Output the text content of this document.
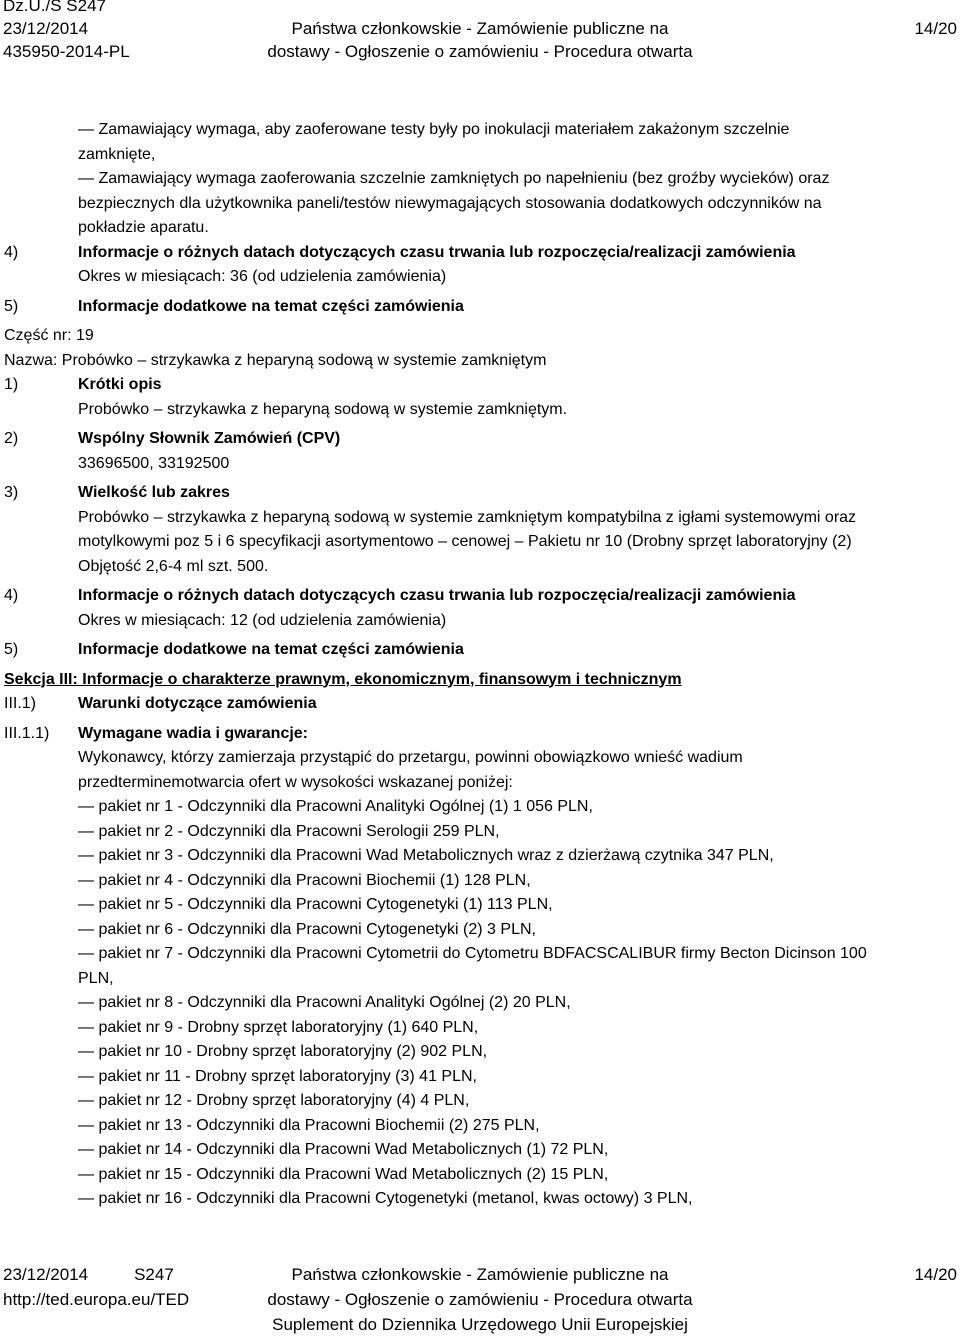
Dz.U./S S247
23/12/2014
435950-2014-PL
Państwa członkowskie - Zamówienie publiczne na
dostawy - Ogłoszenie o zamówieniu - Procedura otwarta
14/20
— Zamawiający wymaga, aby zaoferowane testy były po inokulacji materiałem zakażonym szczelnie
zamknięte,
— Zamawiający wymaga zaoferowania szczelnie zamkniętych po napełnieniu (bez groźby wycieków) oraz
bezpiecznych dla użytkownika paneli/testów niewymagających stosowania dodatkowych odczynników na
pokładzie aparatu.
4)	Informacje o różnych datach dotyczących czasu trwania lub rozpoczęcia/realizacji zamówienia
Okres w miesiącach: 36 (od udzielenia zamówienia)
5)	Informacje dodatkowe na temat części zamówienia
Część nr: 19
Nazwa: Probówko – strzykawka z heparyną sodową w systemie zamkniętym
1)	Krótki opis
Probówko – strzykawka z heparyną sodową w systemie zamkniętym.
2)	Wspólny Słownik Zamówień (CPV)
33696500, 33192500
3)	Wielkość lub zakres
Probówko – strzykawka z heparyną sodową w systemie zamkniętym kompatybilna z igłami systemowymi oraz
motylkowymi poz 5 i 6 specyfikacji asortymentowo – cenowej – Pakietu nr 10 (Drobny sprzęt laboratoryjny (2)
Objętość 2,6-4 ml szt. 500.
4)	Informacje o różnych datach dotyczących czasu trwania lub rozpoczęcia/realizacji zamówienia
Okres w miesiącach: 12 (od udzielenia zamówienia)
5)	Informacje dodatkowe na temat części zamówienia
Sekcja III: Informacje o charakterze prawnym, ekonomicznym, finansowym i technicznym
III.1)	Warunki dotyczące zamówienia
III.1.1)	Wymagane wadia i gwarancje:
Wykonawcy, którzy zamierzaja przystąpić do przetargu, powinni obowiązkowo wnieść wadium
przedterminemotwarcia ofert w wysokości wskazanej poniżej:
— pakiet nr 1 - Odczynniki dla Pracowni Analityki Ogólnej (1) 1 056 PLN,
— pakiet nr 2 - Odczynniki dla Pracowni Serologii 259 PLN,
— pakiet nr 3 - Odczynniki dla Pracowni Wad Metabolicznych wraz z dzierżawą czytnika 347 PLN,
— pakiet nr 4 - Odczynniki dla Pracowni Biochemii (1) 128 PLN,
— pakiet nr 5 - Odczynniki dla Pracowni Cytogenetyki (1) 113 PLN,
— pakiet nr 6 - Odczynniki dla Pracowni Cytogenetyki (2) 3 PLN,
— pakiet nr 7 - Odczynniki dla Pracowni Cytometrii do Cytometru BDFACSCALIBUR firmy Becton Dicinson 100
PLN,
— pakiet nr 8 - Odczynniki dla Pracowni Analityki Ogólnej (2) 20 PLN,
— pakiet nr 9 - Drobny sprzęt laboratoryjny (1) 640 PLN,
— pakiet nr 10 - Drobny sprzęt laboratoryjny (2) 902 PLN,
— pakiet nr 11 - Drobny sprzęt laboratoryjny (3) 41 PLN,
— pakiet nr 12 - Drobny sprzęt laboratoryjny (4) 4 PLN,
— pakiet nr 13 - Odczynniki dla Pracowni Biochemii (2) 275 PLN,
— pakiet nr 14 - Odczynniki dla Pracowni Wad Metabolicznych (1) 72 PLN,
— pakiet nr 15 - Odczynniki dla Pracowni Wad Metabolicznych (2) 15 PLN,
— pakiet nr 16 - Odczynniki dla Pracowni Cytogenetyki (metanol, kwas octowy) 3 PLN,
23/12/2014	S247
http://ted.europa.eu/TED
Państwa członkowskie - Zamówienie publiczne na
dostawy - Ogłoszenie o zamówieniu - Procedura otwarta
Suplement do Dziennika Urzędowego Unii Europejskiej
14/20
